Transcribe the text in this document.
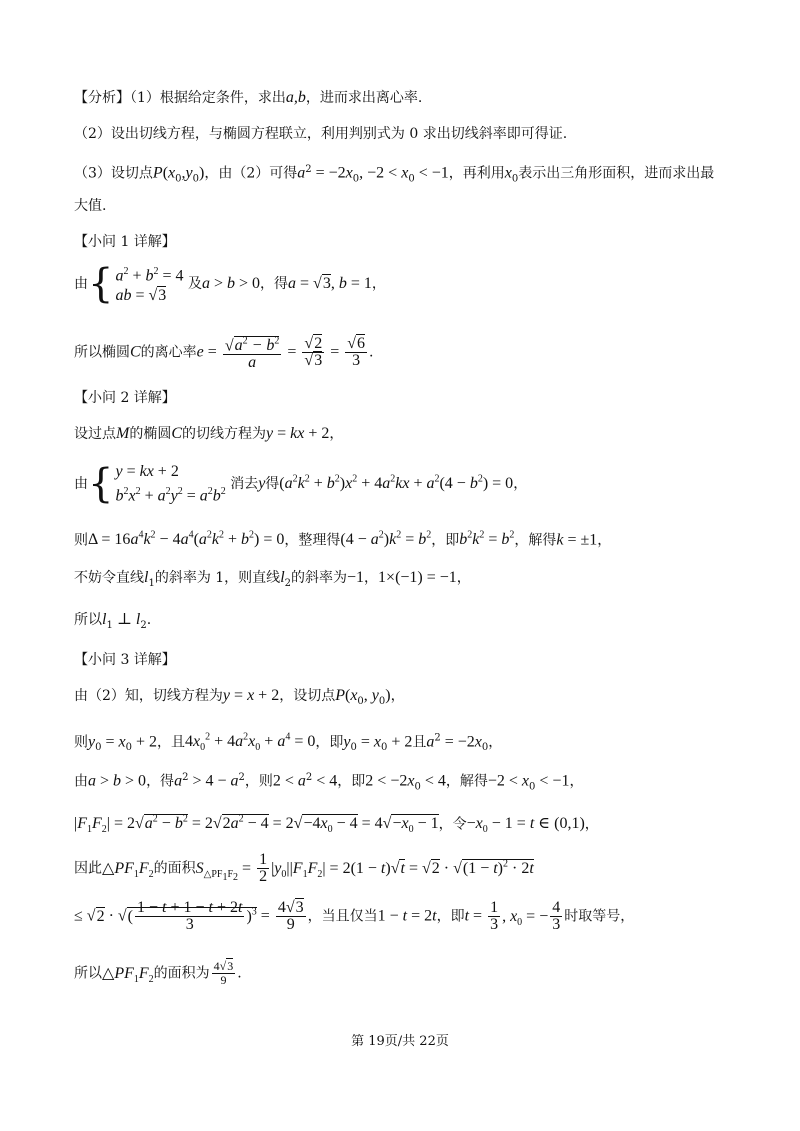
【分析】（1）根据给定条件，求出a,b，进而求出离心率.
（2）设出切线方程，与椭圆方程联立，利用判别式为 0 求出切线斜率即可得证.
（3）设切点$P(x_0,y_0)$，由（2）可得$a^2 = -2x_0$, $-2 < x_0 < -1$，再利用$x_0$表示出三角形面积，进而求出最
大值.
【小问 1 详解】
由{ $a^2 + b^2 = 4$
ab = √3
及a > b > 0，得a = √3, b = 1，
所以椭圆C的离心率$e = \frac{√a^2 - b^2}{a} = \frac{√2}{√3} = \frac{√6}{3}$ .
【小问 2 详解】
设过点M的椭圆C的切线方程为y = kx + 2，
由{ y = kx + 2
$b^2x^2 + a^2y^2 = a^2b^2$ 消去y得$(a^2k^2 + b^2)x^2 + 4a^2kx + a^2(4 - b^2) = 0$，
则$\Delta = 16a^4k^2 - 4a^4(a^2k^2 + b^2) = 0$，整理得$(4 - a^2)k^2 = b^2$，即$b^2k^2 = b^2$，解得k = ±1，
不妨令直线$l_1$的斜率为 1，则直线$l_2$的斜率为−1，1×(−1) = −1，
所以$l_1$ ⊥ $l_2$.
【小问 3 详解】
由（2）知，切线方程为y = x + 2，设切点$P(x_0$, $y_0$)，
则$y_0 = x_0 + 2$，且$4x_0^2 + 4a^2x_0 + a^4 = 0$，即$y_0 = x_0 + 2$且$a^2 = -2x_0$，
由a > b > 0，得$a^2 > 4 - a^2$，则$2 < a^2 < 4$，即$2 < -2x_0 < 4$，解得$-2 < x_0 < -1$，
$|F_1F_2| = 2√a^2 - b^2 = 2√2a^2 - 4 = 2√-4x_0 - 4 = 4√-x_0 - 1$，令$-x_0 - 1 = t$ ∈ (0,1)，
因此$\triangle PF_1F_2$的面积$S_{\triangle PF_1F_2} = \frac{1}{2} |y_0||F_1F_2| = 2(1 - t)√t = √2 \cdot √(1 - t)^2 \cdot 2t$
≤ √2 · √( $\frac{1 - t + 1 - t + 2t}{3} )^3 = \frac{4√3}{9}$ ，当且仅当1 − t = 2t，即$t = \frac{1}{3}$ , $x_0$ = − $\frac{4}{3}$ 时取等号，
所以$\triangle PF_1F_2$的面积为 $\frac{4√3}{9}$ .
第 19页/共 22页
